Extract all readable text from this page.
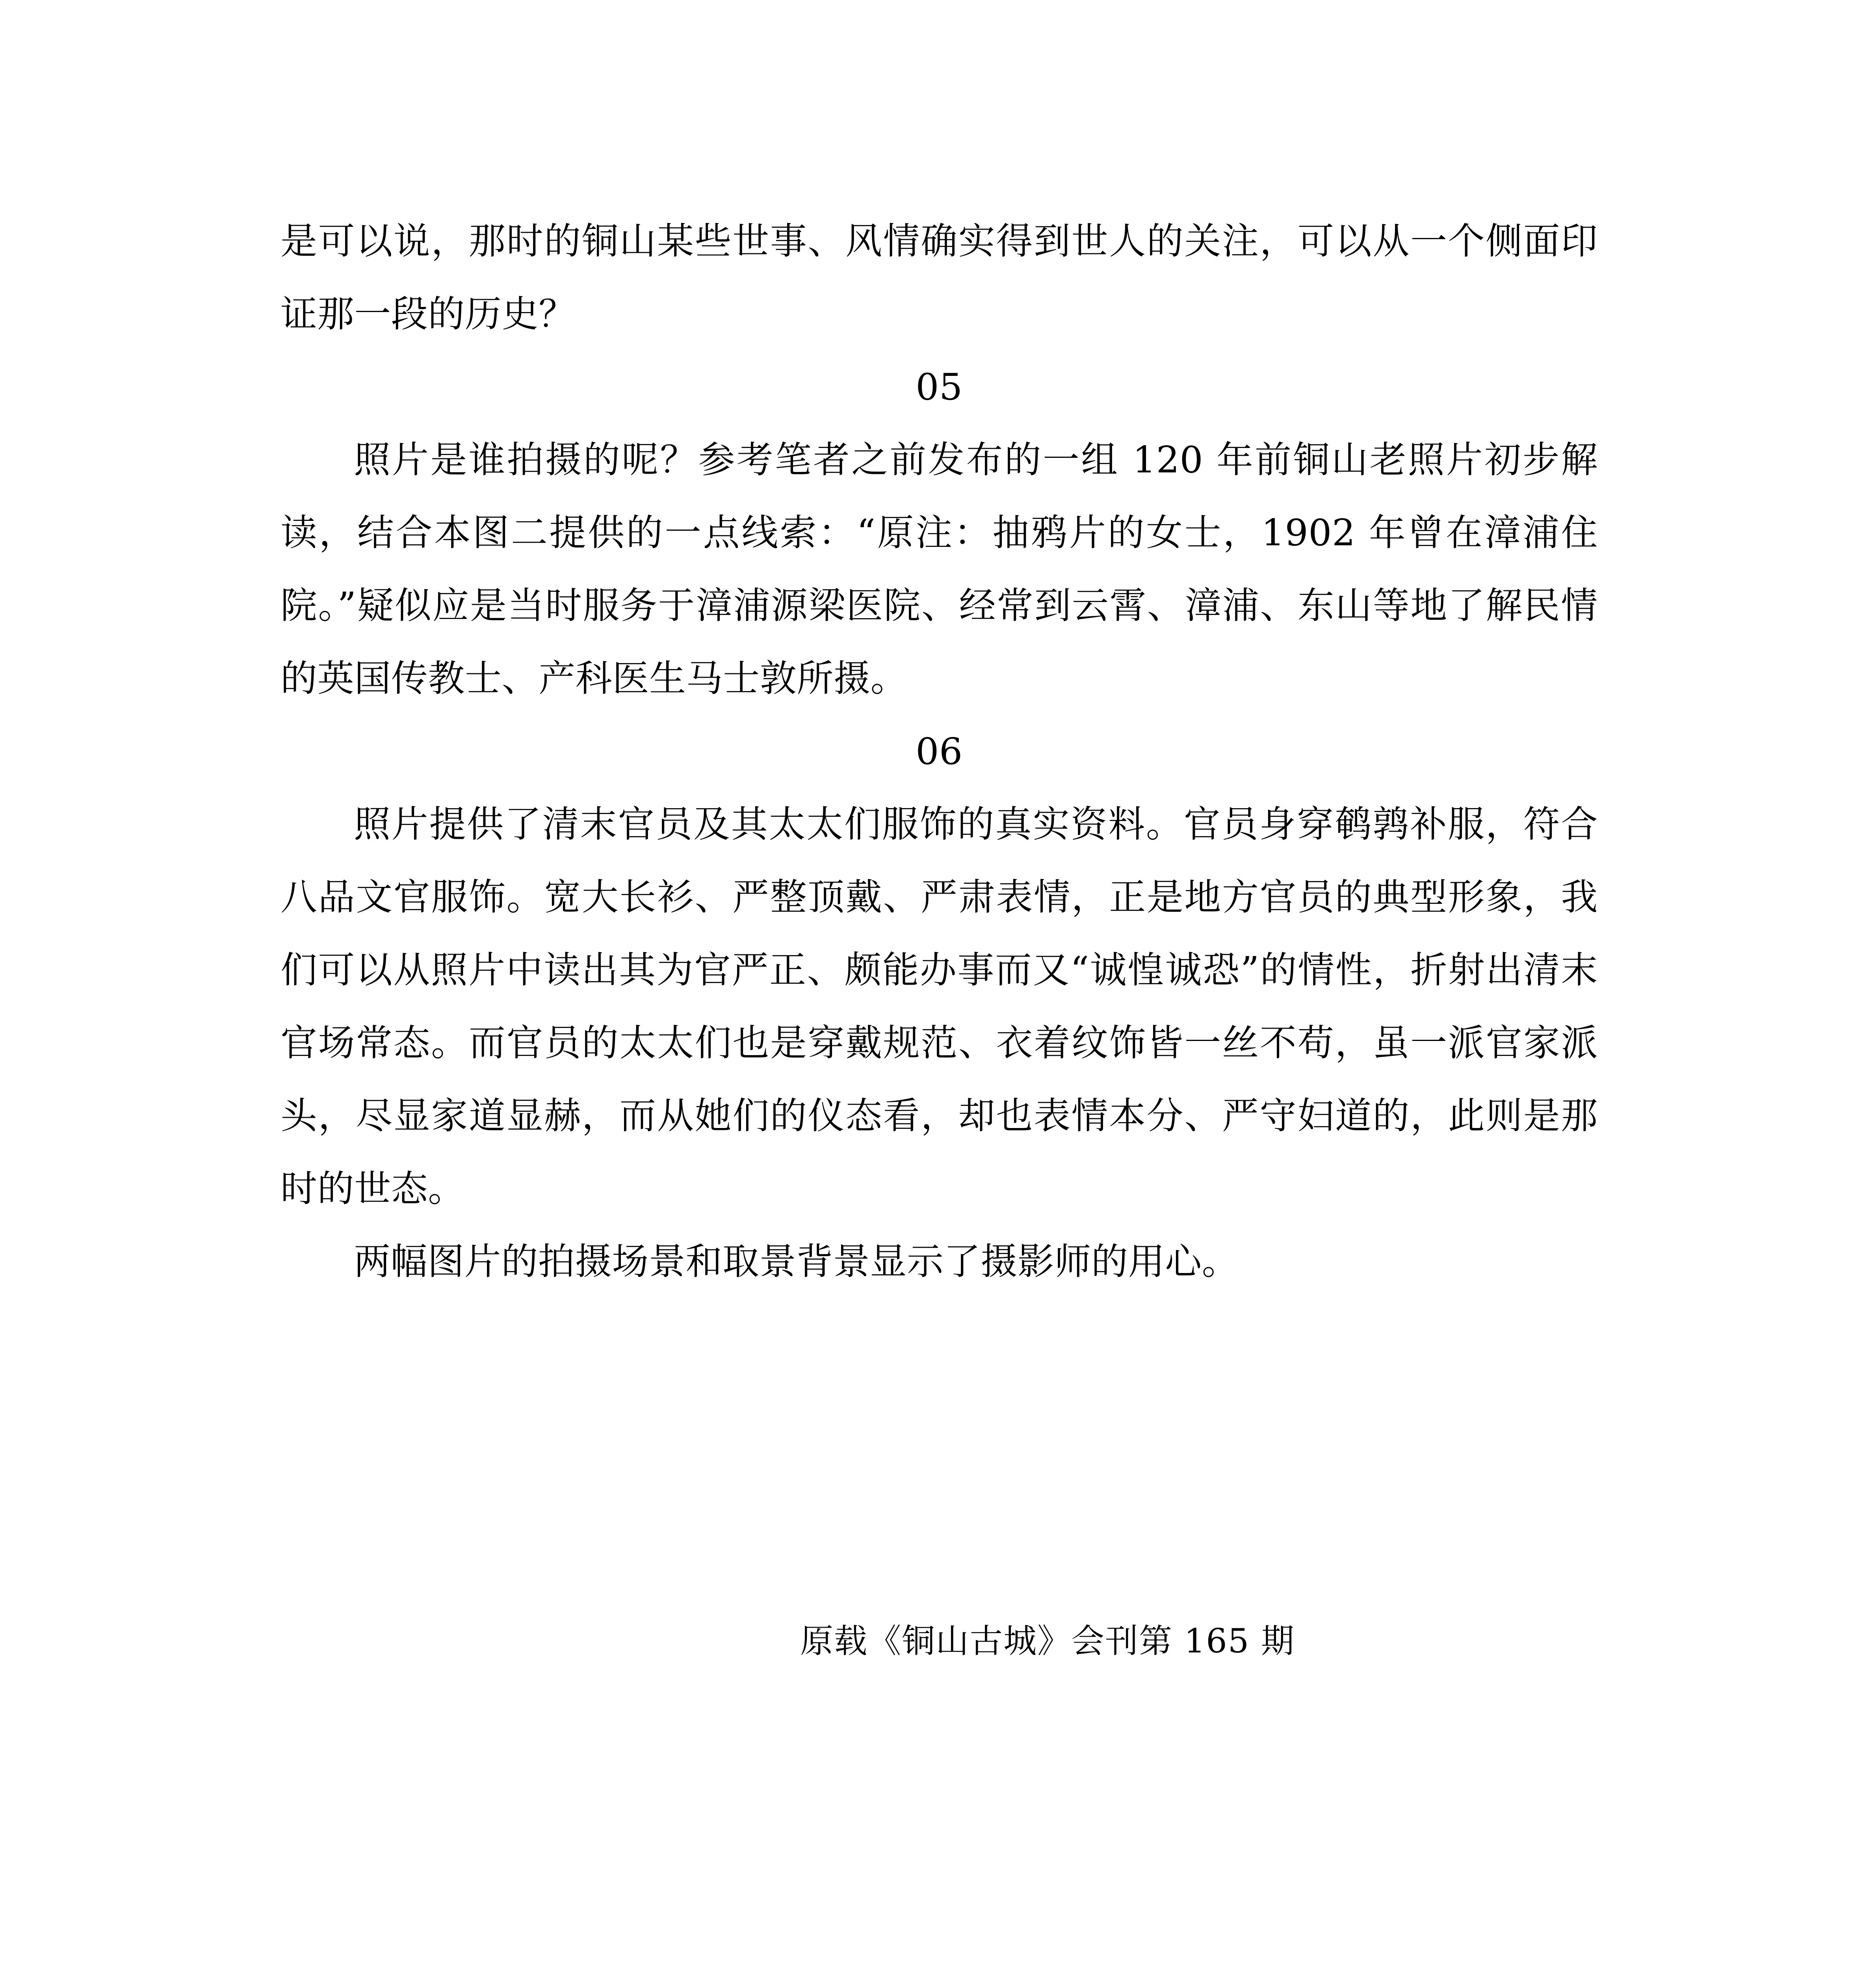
是可以说，那时的铜山某些世事、风情确实得到世人的关注，可以从一个侧面印证那一段的历史？

05

照片是谁拍摄的呢？参考笔者之前发布的一组 120 年前铜山老照片初步解读，结合本图二提供的一点线索：“原注：抽鸦片的女士，1902 年曾在漳浦住院。”疑似应是当时服务于漳浦源梁医院、经常到云霄、漳浦、东山等地了解民情的英国传教士、产科医生马士敦所摄。

06

照片提供了清末官员及其太太们服饰的真实资料。官员身穿鹌鹑补服，符合八品文官服饰。宽大长衫、严整顶戴、严肃表情，正是地方官员的典型形象，我们可以从照片中读出其为官严正、颇能办事而又“诚惶诚恐”的情性，折射出清末官场常态。而官员的太太们也是穿戴规范、衣着纹饰皆一丝不苟，虽一派官家派头，尽显家道显赫，而从她们的仪态看，却也表情本分、严守妇道的，此则是那时的世态。

两幅图片的拍摄场景和取景背景显示了摄影师的用心。

原载《铜山古城》会刊第 165 期
